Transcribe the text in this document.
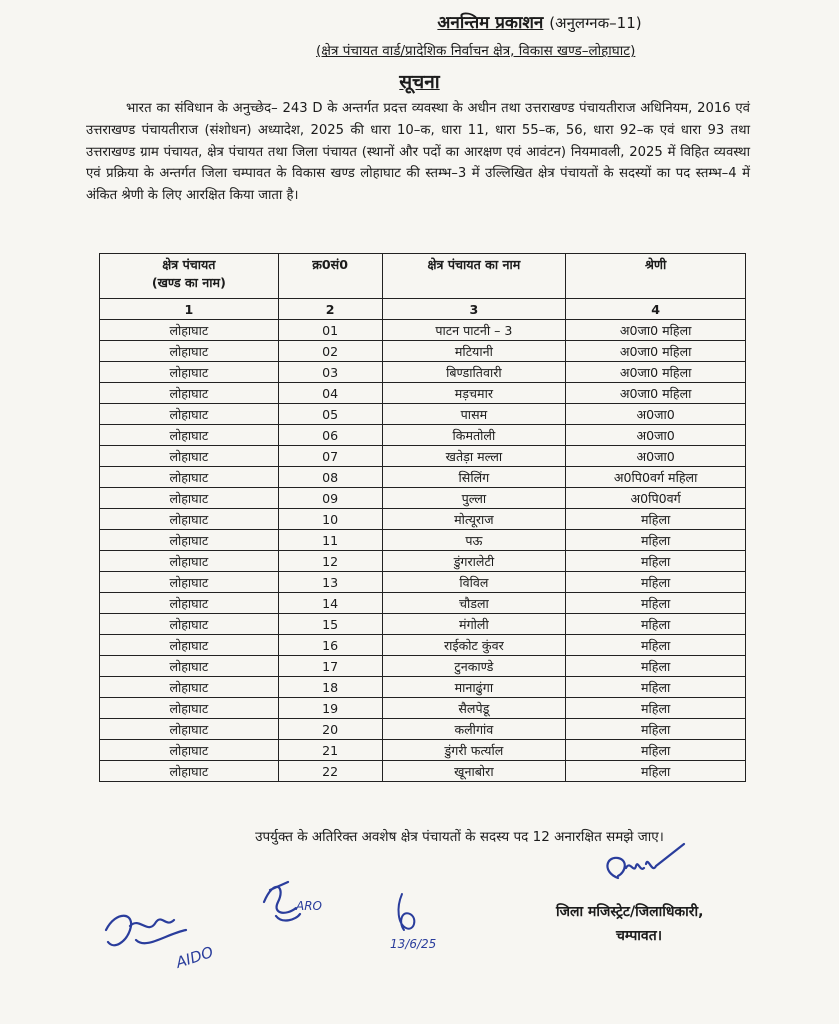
अनन्तिम प्रकाशन (अनुलग्नक–11)
(क्षेत्र पंचायत वार्ड/प्रादेशिक निर्वाचन क्षेत्र, विकास खण्ड–लोहाघाट)
सूचना

भारत का संविधान के अनुच्छेद– 243 D के अन्तर्गत प्रदत्त व्यवस्था के अधीन तथा उत्तराखण्ड पंचायतीराज अधिनियम, 2016 एवं उत्तराखण्ड पंचायतीराज (संशोधन) अध्यादेश, 2025 की धारा 10–क, धारा 11, धारा 55–क, 56, धारा 92–क एवं धारा 93 तथा उत्तराखण्ड ग्राम पंचायत, क्षेत्र पंचायत तथा जिला पंचायत (स्थानों और पदों का आरक्षण एवं आवंटन) नियमावली, 2025 में विहित व्यवस्था एवं प्रक्रिया के अन्तर्गत जिला चम्पावत के विकास खण्ड लोहाघाट की स्तम्भ–3 में उल्लिखित क्षेत्र पंचायतों के सदस्यों का पद स्तम्भ–4 में अंकित श्रेणी के लिए आरक्षित किया जाता है।

क्षेत्र पंचायत
(खण्ड का नाम)	क्र0सं0	क्षेत्र पंचायत का नाम	श्रेणी

1	2	3	4
लोहाघाट	01	पाटन पाटनी – 3	अ0जा0 महिला
लोहाघाट	02	मटियानी	अ0जा0 महिला
लोहाघाट	03	बिण्डातिवारी	अ0जा0 महिला
लोहाघाट	04	मड़चमार	अ0जा0 महिला
लोहाघाट	05	पासम	अ0जा0
लोहाघाट	06	किमतोली	अ0जा0
लोहाघाट	07	खतेड़ा मल्ला	अ0जा0
लोहाघाट	08	सिलिंग	अ0पि0वर्ग महिला
लोहाघाट	09	पुल्ला	अ0पि0वर्ग
लोहाघाट	10	मोत्यूराज	महिला
लोहाघाट	11	पऊ	महिला
लोहाघाट	12	डुंगरालेटी	महिला
लोहाघाट	13	विविल	महिला
लोहाघाट	14	चौडला	महिला
लोहाघाट	15	मंगोली	महिला
लोहाघाट	16	राईकोट कुंवर	महिला
लोहाघाट	17	टुनकाण्डे	महिला
लोहाघाट	18	मानाढुंगा	महिला
लोहाघाट	19	सैलपेडू	महिला
लोहाघाट	20	कलीगांव	महिला
लोहाघाट	21	डुंगरी फर्त्याल	महिला
लोहाघाट	22	खूनाबोरा	महिला
उपर्युक्त के अतिरिक्त अवशेष क्षेत्र पंचायतों के सदस्य पद 12 अनारक्षित समझे जाए।
AIDO
ARO
13/6/25
जिला मजिस्ट्रेट/जिलाधिकारी,
चम्पावत।
